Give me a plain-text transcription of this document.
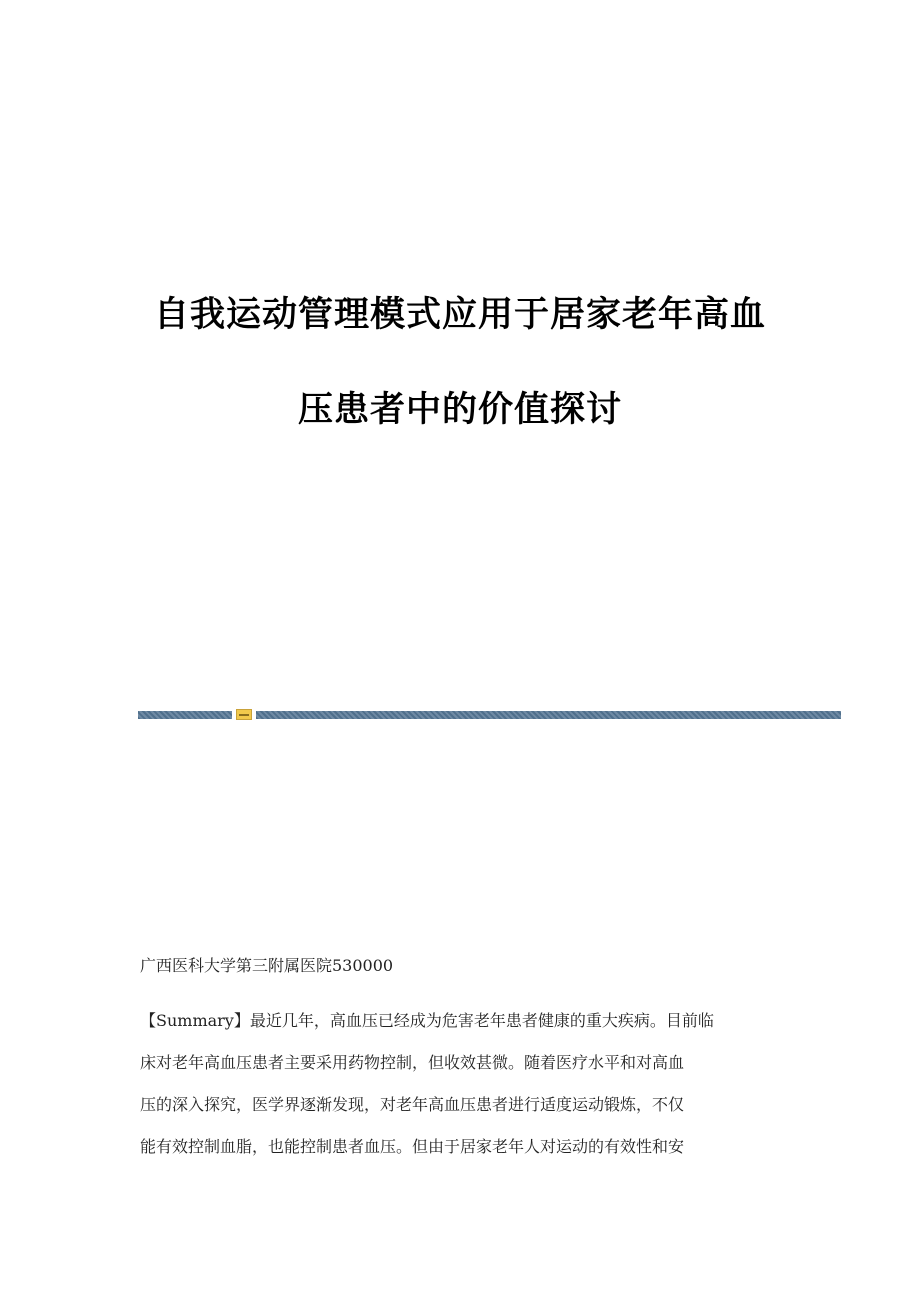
自我运动管理模式应用于居家老年高血
压患者中的价值探讨
广西医科大学第三附属医院530000
【Summary】最近几年，高血压已经成为危害老年患者健康的重大疾病。目前临
床对老年高血压患者主要采用药物控制，但收效甚微。随着医疗水平和对高血
压的深入探究，医学界逐渐发现，对老年高血压患者进行适度运动锻炼，不仅
能有效控制血脂，也能控制患者血压。但由于居家老年人对运动的有效性和安
